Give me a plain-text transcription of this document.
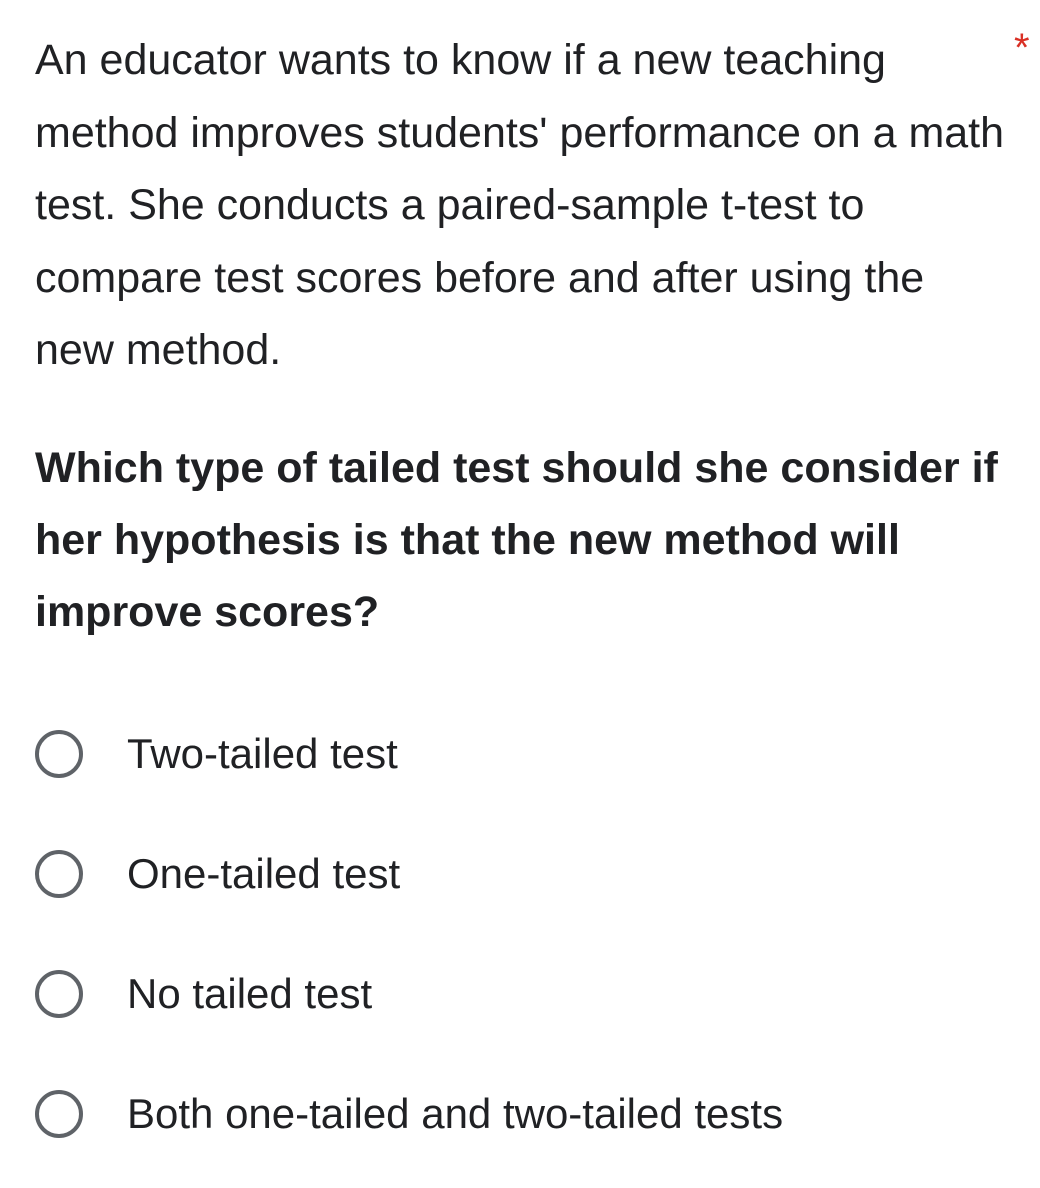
An educator wants to know if a new teaching method improves students' performance on a math test. She conducts a paired-sample t-test to compare test scores before and after using the new method.

*

Which type of tailed test should she consider if her hypothesis is that the new method will improve scores?

Two-tailed test
One-tailed test
No tailed test
Both one-tailed and two-tailed tests
